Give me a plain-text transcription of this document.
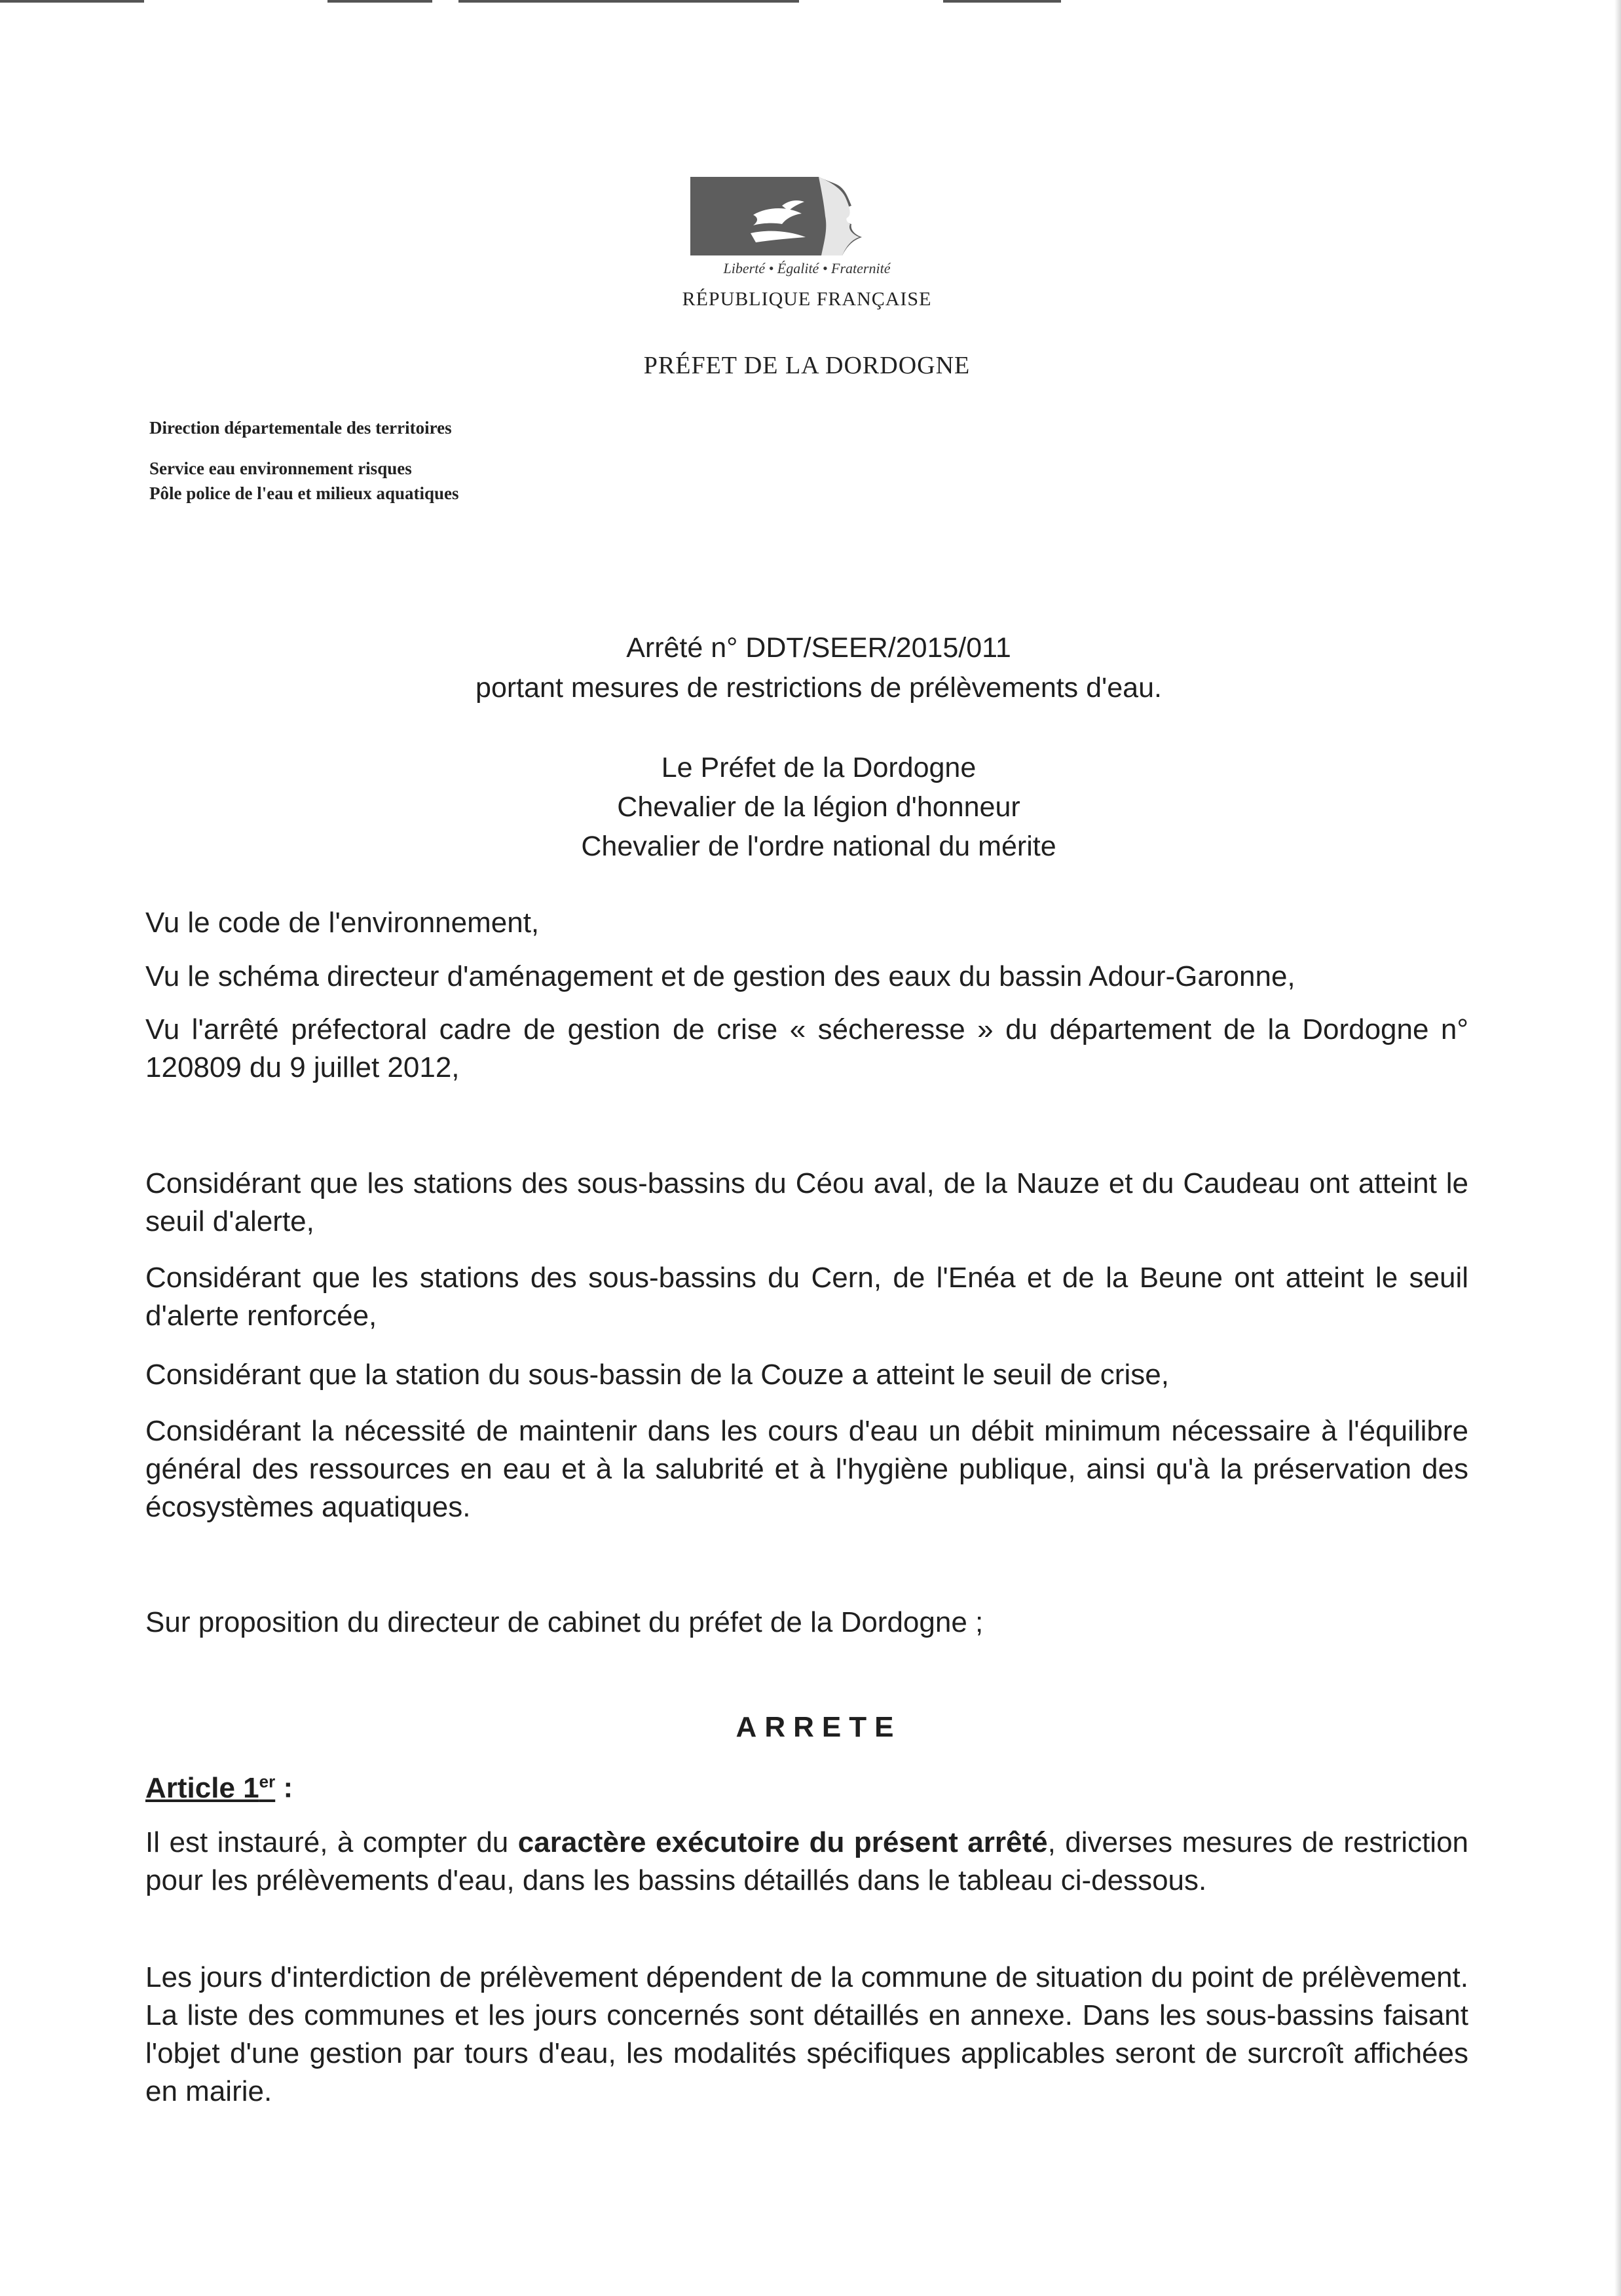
Liberté • Égalité • Fraternité
RÉPUBLIQUE FRANÇAISE
PRÉFET DE LA DORDOGNE
Direction départementale des territoires
Service eau environnement risques
Pôle police de l'eau et milieux aquatiques
Arrêté n° DDT/SEER/2015/011
portant mesures de restrictions de prélèvements d'eau.
Le Préfet de la Dordogne
Chevalier de la légion d'honneur
Chevalier de l'ordre national du mérite
Vu le code de l'environnement,
Vu le schéma directeur d'aménagement et de gestion des eaux du bassin Adour-Garonne,
Vu l'arrêté préfectoral cadre de gestion de crise « sécheresse » du département de la Dordogne n° 120809 du 9 juillet 2012,
Considérant que les stations des sous-bassins du Céou aval, de la Nauze et du Caudeau ont atteint le seuil d'alerte,
Considérant que les stations des sous-bassins du Cern, de l'Enéa et de la Beune ont atteint le seuil d'alerte renforcée,
Considérant que la station du sous-bassin de la Couze a atteint le seuil de crise,
Considérant la nécessité de maintenir dans les cours d'eau un débit minimum nécessaire à l'équilibre général des ressources en eau et à la salubrité et à l'hygiène publique, ainsi qu'à la préservation des écosystèmes aquatiques.
Sur proposition du directeur de cabinet du préfet de la Dordogne ;
ARRETE
Article 1er :
Il est instauré, à compter du caractère exécutoire du présent arrêté, diverses mesures de restriction pour les prélèvements d'eau, dans les bassins détaillés dans le tableau ci-dessous.
Les jours d'interdiction de prélèvement dépendent de la commune de situation du point de prélèvement. La liste des communes et les jours concernés sont détaillés en annexe. Dans les sous-bassins faisant l'objet d'une gestion par tours d'eau, les modalités spécifiques applicables seront de surcroît affichées en mairie.
